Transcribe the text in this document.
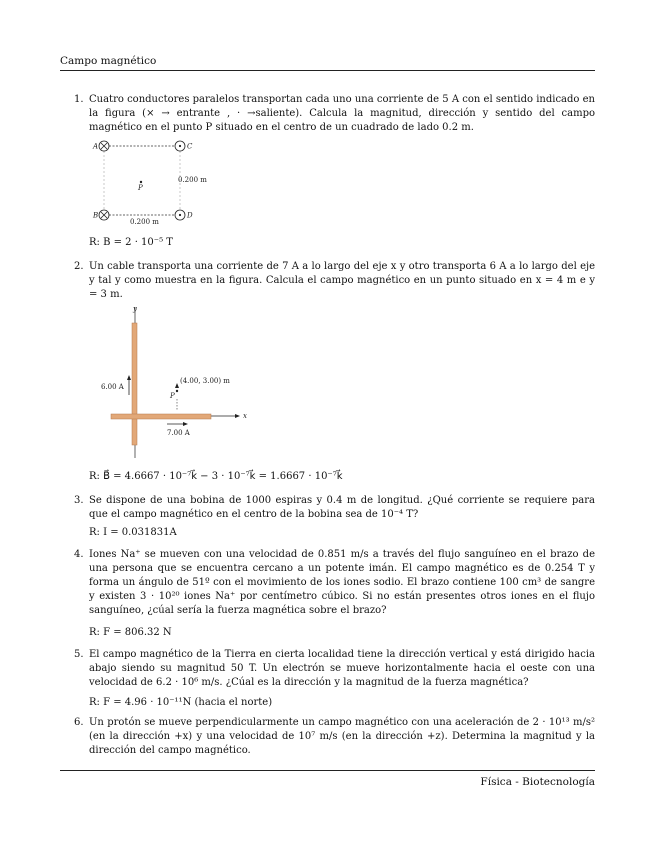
Campo magnético
1. Cuatro conductores paralelos transportan cada uno una corriente de 5 A con el sentido indicado en la figura (× → entrante , · →saliente). Calcula la magnitud, dirección y sentido del campo magnético en el punto P situado en el centro de un cuadrado de lado 0.2 m.
P
A	C
B	D
0.200 m
0.200 m
R: B = 2 · 10⁻⁵ T
2. Un cable transporta una corriente de 7 A a lo largo del eje x y otro transporta 6 A a lo largo del eje y tal y como muestra en la figura. Calcula el campo magnético en un punto situado en x = 4 m e y = 3 m.
y
x
6.00 A
7.00 A
P
(4.00, 3.00) m
R: B⃗ = 4.6667 · 10⁻⁷k⃗ − 3 · 10⁻⁷k⃗ = 1.6667 · 10⁻⁷k⃗
3. Se dispone de una bobina de 1000 espiras y 0.4 m de longitud. ¿Qué corriente se requiere para que el campo magnético en el centro de la bobina sea de 10⁻⁴ T?
R: I = 0.031831A
4. Iones Na⁺ se mueven con una velocidad de 0.851 m/s a través del flujo sanguíneo en el brazo de una persona que se encuentra cercano a un potente imán. El campo magnético es de 0.254 T y forma un ángulo de 51º con el movimiento de los iones sodio. El brazo contiene 100 cm³ de sangre y existen 3 · 10²⁰ iones Na⁺ por centímetro cúbico. Si no están presentes otros iones en el flujo sanguíneo, ¿cúal sería la fuerza magnética sobre el brazo?
R: F = 806.32 N
5. El campo magnético de la Tierra en cierta localidad tiene la dirección vertical y está dirigido hacia abajo siendo su magnitud 50 T. Un electrón se mueve horizontalmente hacia el oeste con una velocidad de 6.2 · 10⁶ m/s. ¿Cúal es la dirección y la magnitud de la fuerza magnética?
R: F = 4.96 · 10⁻¹¹N (hacia el norte)
6. Un protón se mueve perpendicularmente un campo magnético con una aceleración de 2 · 10¹³ m/s² (en la dirección +x) y una velocidad de 10⁷ m/s (en la dirección +z). Determina la magnitud y la dirección del campo magnético.
Física - Biotecnología
